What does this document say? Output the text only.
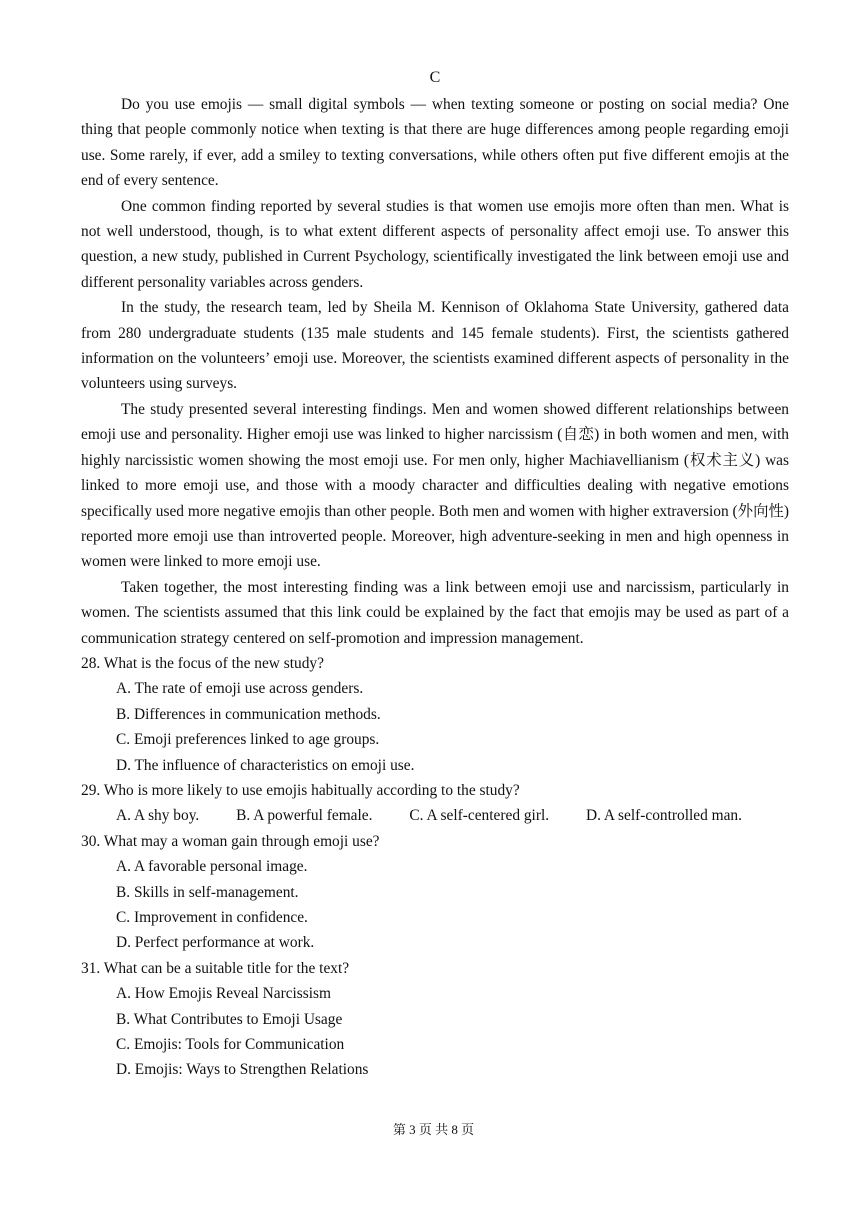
C

Do you use emojis — small digital symbols — when texting someone or posting on social media? One thing that people commonly notice when texting is that there are huge differences among people regarding emoji use. Some rarely, if ever, add a smiley to texting conversations, while others often put five different emojis at the end of every sentence.

One common finding reported by several studies is that women use emojis more often than men. What is not well understood, though, is to what extent different aspects of personality affect emoji use. To answer this question, a new study, published in Current Psychology, scientifically investigated the link between emoji use and different personality variables across genders.

In the study, the research team, led by Sheila M. Kennison of Oklahoma State University, gathered data from 280 undergraduate students (135 male students and 145 female students). First, the scientists gathered information on the volunteers’ emoji use. Moreover, the scientists examined different aspects of personality in the volunteers using surveys.

The study presented several interesting findings. Men and women showed different relationships between emoji use and personality. Higher emoji use was linked to higher narcissism (自恋) in both women and men, with highly narcissistic women showing the most emoji use. For men only, higher Machiavellianism (权术主义) was linked to more emoji use, and those with a moody character and difficulties dealing with negative emotions specifically used more negative emojis than other people. Both men and women with higher extraversion (外向性) reported more emoji use than introverted people. Moreover, high adventure-seeking in men and high openness in women were linked to more emoji use.

Taken together, the most interesting finding was a link between emoji use and narcissism, particularly in women. The scientists assumed that this link could be explained by the fact that emojis may be used as part of a communication strategy centered on self-promotion and impression management.

28. What is the focus of the new study?

A. The rate of emoji use across genders.

B. Differences in communication methods.

C. Emoji preferences linked to age groups.

D. The influence of characteristics on emoji use.

29. Who is more likely to use emojis habitually according to the study?

A. A shy boy. B. A powerful female. C. A self-centered girl. D. A self-controlled man.

30. What may a woman gain through emoji use?

A. A favorable personal image.

B. Skills in self-management.

C. Improvement in confidence.

D. Perfect performance at work.

31. What can be a suitable title for the text?

A. How Emojis Reveal Narcissism

B. What Contributes to Emoji Usage

C. Emojis: Tools for Communication

D. Emojis: Ways to Strengthen Relations

第 3 页 共 8 页
